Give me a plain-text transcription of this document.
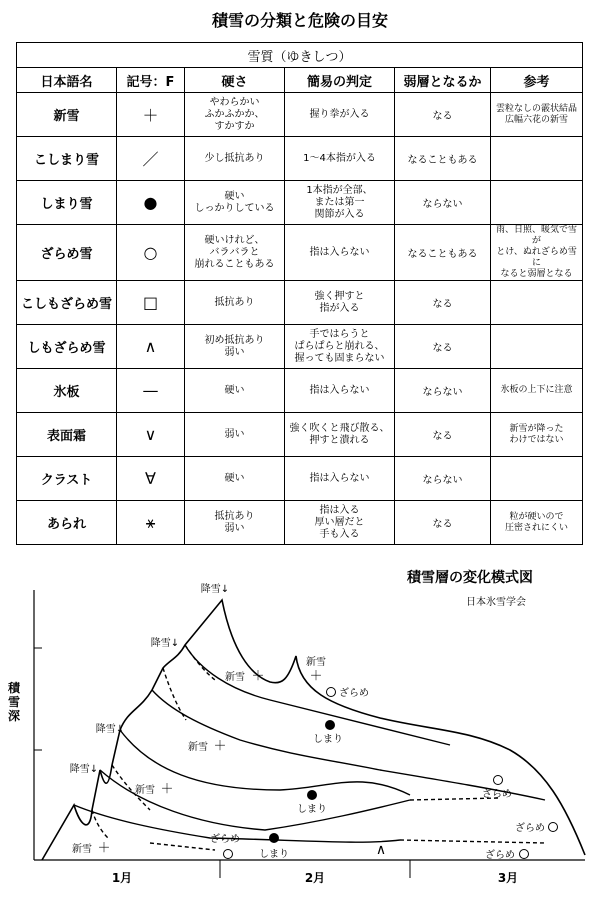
積雪の分類と危険の目安
雪質（ゆきしつ）					
日本語名	記号：F	硬さ	簡易の判定	弱層となるか	参考
新雪	＋	やわらかい
ふかふかか、
すかすか	握り拳が入る	なる	雲粒なしの霰状結晶
広幅六花の新雪
こしまり雪	／	少し抵抗あり	1～4本指が入る	なることもある	
しまり雪	●	硬い
しっかりしている	1本指が全部、
または第一
関節が入る	ならない	
ざらめ雪	○	硬いけれど、
バラバラと
崩れることもある	指は入らない	なることもある	雨、日照、暖気で雪が
とけ、ぬれざらめ雪に
なると弱層となる
こしもざらめ雪	□	抵抗あり	強く押すと
指が入る	なる	
しもざらめ雪	∧	初め抵抗あり
弱い	手ではらうと
ぱらぱらと崩れる、
握っても固まらない	なる	
氷板	—	硬い	指は入らない	ならない	氷板の上下に注意
表面霜	∨	弱い	強く吹くと飛び散る、
押すと潰れる	なる	新雪が降った
わけではない
クラスト	∀	硬い	指は入らない	ならない	
あられ	⚹	抵抗あり
弱い	指は入る
厚い層だと
手も入る	なる	粒が硬いので
圧密されにくい
積雪層の変化模式図
日本氷雪学会
積
雪
深
1月	2月	3月
降雪↓
降雪↓
降雪↓
降雪↓
新雪 ＋
新雪 ＋
新雪 ＋
新雪 ＋
新雪
＋
ざらめ
しまり
しまり
しまり
ざらめ
ざらめ
ざらめ
ざらめ
∧
